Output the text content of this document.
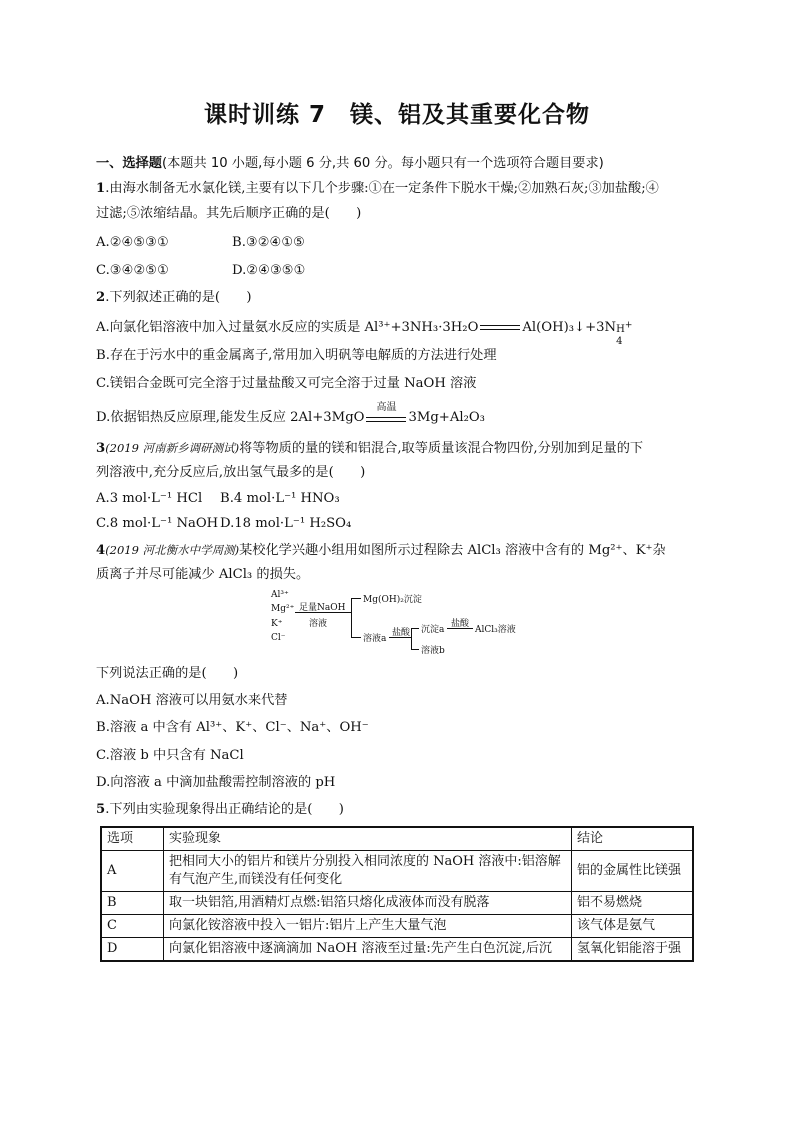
课时训练 7　镁、铝及其重要化合物
一、选择题(本题共 10 小题,每小题 6 分,共 60 分。每小题只有一个选项符合题目要求)
1.由海水制备无水氯化镁,主要有以下几个步骤:①在一定条件下脱水干燥;②加熟石灰;③加盐酸;④
过滤;⑤浓缩结晶。其先后顺序正确的是(　　)
A.②④⑤③①	B.③②④①⑤
C.③④②⑤①	D.②④③⑤①
2.下列叙述正确的是(　　)
A.向氯化铝溶液中加入过量氨水反应的实质是 Al³⁺+3NH₃·3H₂O	Al(OH)₃↓+3N H+
4
B.存在于污水中的重金属离子,常用加入明矾等电解质的方法进行处理
C.镁铝合金既可完全溶于过量盐酸又可完全溶于过量 NaOH 溶液
D.依据铝热反应原理,能发生反应 2Al+3MgO
高温
3Mg+Al₂O₃
3(2019 河南新乡调研测试)将等物质的量的镁和铝混合,取等质量该混合物四份,分别加到足量的下
列溶液中,充分反应后,放出氢气最多的是(　　)
A.3 mol·L⁻¹ HCl B.4 mol·L⁻¹ HNO₃
C.8 mol·L⁻¹ NaOH D.18 mol·L⁻¹ H₂SO₄
4(2019 河北衡水中学周测)某校化学兴趣小组用如图所示过程除去 AlCl₃ 溶液中含有的 Mg²⁺、K⁺杂
质离子并尽可能减少 AlCl₃ 的损失。
Al³⁺
Mg²⁺
K⁺
Cl⁻
足量NaOH
溶液
Mg(OH)₂沉淀
溶液a
盐酸 沉淀a
溶液b
盐酸
AlCl₃溶液
下列说法正确的是(　　)
A.NaOH 溶液可以用氨水来代替
B.溶液 a 中含有 Al³⁺、K⁺、Cl⁻、Na⁺、OH⁻
C.溶液 b 中只含有 NaCl
D.向溶液 a 中滴加盐酸需控制溶液的 pH
5.下列由实验现象得出正确结论的是(　　)
选项	实验现象	结论
A	把相同大小的铝片和镁片分别投入相同浓度的 NaOH 溶液中:铝溶解有气泡产生,而镁没有任何变化	铝的金属性比镁强
B	取一块铝箔,用酒精灯点燃:铝箔只熔化成液体而没有脱落	铝不易燃烧
C	向氯化铵溶液中投入一铝片:铝片上产生大量气泡	该气体是氨气
D	向氯化铝溶液中逐滴滴加 NaOH 溶液至过量:先产生白色沉淀,后沉	氢氧化铝能溶于强
